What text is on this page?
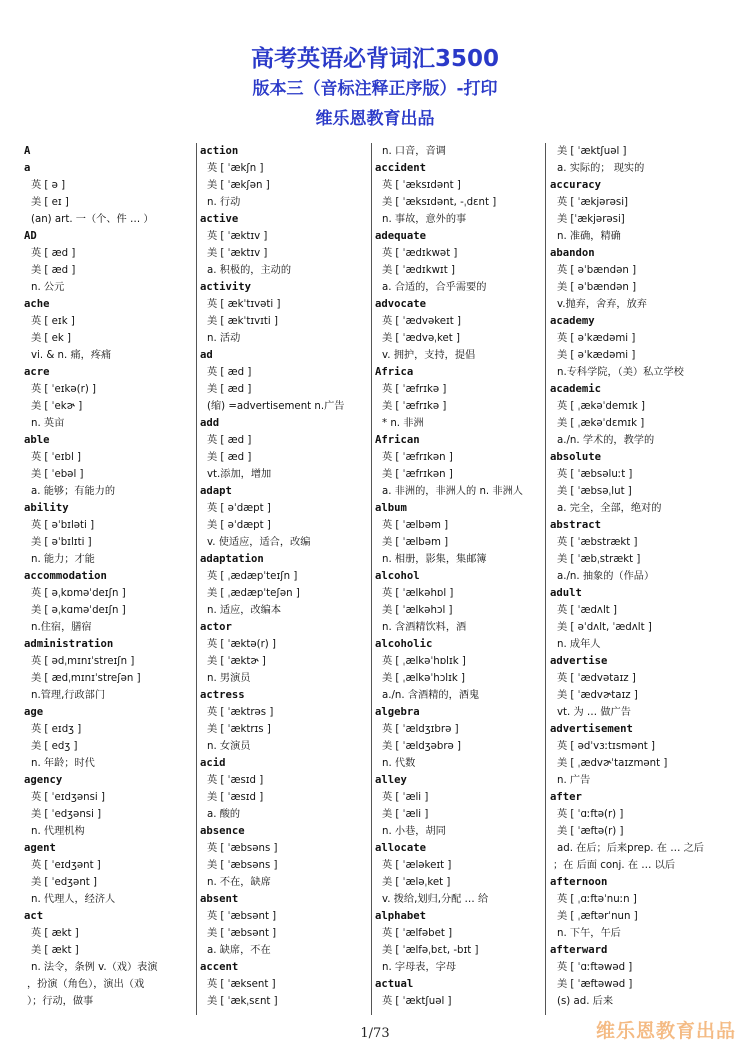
高考英语必背词汇3500
版本三（音标注释正序版）-打印
维乐恩教育出品
A
a
英 [ ə ]
美 [ eɪ ]
(an) art. 一（个、件 … ）
AD
英 [ æd ]
美 [ æd ]
n. 公元
ache
英 [ eɪk ]
美 [ ek ]
vi. & n. 痛，疼痛
acre
英 [ ˈeɪkə(r) ]
美 [ ˈekɚ ]
n. 英亩
able
英 [ ˈeɪbl ]
美 [ ˈebəl ]
a. 能够；有能力的
ability
英 [ əˈbɪləti ]
美 [ əˈbɪlɪti ]
n. 能力；才能
accommodation
英 [ əˌkɒməˈdeɪʃn ]
美 [ əˌkɑməˈdeɪʃn ]
n.住宿，膳宿
administration
英 [ ədˌmɪnɪˈstreɪʃn ]
美 [ ædˌmɪnɪˈstreʃən ]
n.管理,行政部门
age
英 [ eɪdʒ ]
美 [ edʒ ]
n. 年龄；时代
agency
英 [ ˈeɪdʒənsi ]
美 [ ˈedʒənsi ]
n. 代理机构
agent
英 [ ˈeɪdʒənt ]
美 [ ˈedʒənt ]
n. 代理人，经济人
act
英 [ ækt ]
美 [ ækt ]
n. 法令，条例 v.（戏）表演
，扮演（角色），演出（戏
）；行动，做事
action
英 [ ˈækʃn ]
美 [ ˈækʃən ]
n. 行动
active
英 [ ˈæktɪv ]
美 [ ˈæktɪv ]
a. 积极的，主动的
activity
英 [ ækˈtɪvəti ]
美 [ ækˈtɪvɪti ]
n. 活动
ad
英 [ æd ]
美 [ æd ]
(缩) =advertisement n.广告
add
英 [ æd ]
美 [ æd ]
vt.添加，增加
adapt
英 [ əˈdæpt ]
美 [ əˈdæpt ]
v. 使适应，适合，改编
adaptation
英 [ ˌædæpˈteɪʃn ]
美 [ ˌædæpˈteʃən ]
n. 适应，改编本
actor
英 [ ˈæktə(r) ]
美 [ ˈæktɚ ]
n. 男演员
actress
英 [ ˈæktrəs ]
美 [ ˈæktrɪs ]
n. 女演员
acid
英 [ ˈæsɪd ]
美 [ ˈæsɪd ]
a. 酸的
absence
英 [ ˈæbsəns ]
美 [ ˈæbsəns ]
n. 不在，缺席
absent
英 [ ˈæbsənt ]
美 [ ˈæbsənt ]
a. 缺席，不在
accent
英 [ ˈæksent ]
美 [ ˈækˌsɛnt ]
n. 口音，音调
accident
英 [ ˈæksɪdənt ]
美 [ ˈæksɪdənt, -ˌdɛnt ]
n. 事故，意外的事
adequate
英 [ ˈædɪkwət ]
美 [ ˈædɪkwɪt ]
a. 合适的，合乎需要的
advocate
英 [ ˈædvəkeɪt ]
美 [ ˈædvəˌket ]
v. 拥护，支持，提倡
Africa
英 [ ˈæfrɪkə ]
美 [ ˈæfrɪkə ]
* n. 非洲
African
英 [ ˈæfrɪkən ]
美 [ ˈæfrɪkən ]
a. 非洲的，非洲人的 n. 非洲人
album
英 [ ˈælbəm ]
美 [ ˈælbəm ]
n. 相册，影集，集邮簿
alcohol
英 [ ˈælkəhɒl ]
美 [ ˈælkəhɔl ]
n. 含酒精饮料，酒
alcoholic
英 [ ˌælkəˈhɒlɪk ]
美 [ ˌælkəˈhɔlɪk ]
a./n. 含酒精的，酒鬼
algebra
英 [ ˈældʒɪbrə ]
美 [ ˈældʒəbrə ]
n. 代数
alley
英 [ ˈæli ]
美 [ ˈæli ]
n. 小巷，胡同
allocate
英 [ ˈæləkeɪt ]
美 [ ˈæləˌket ]
v. 拨给,划归,分配 … 给
alphabet
英 [ ˈælfəbet ]
美 [ ˈælfəˌbɛt, -bɪt ]
n. 字母表，字母
actual
英 [ ˈæktʃuəl ]
美 [ ˈæktʃuəl ]
a. 实际的； 现实的
accuracy
英 [ ˈækjərəsi]
美 [ˈækjərəsi]
n. 准确，精确
abandon
英 [ əˈbændən ]
美 [ əˈbændən ]
v.抛弃，舍弃，放弃
academy
英 [ əˈkædəmi ]
美 [ əˈkædəmi ]
n.专科学院，（美）私立学校
academic
英 [ ˌækəˈdemɪk ]
美 [ ˌækəˈdɛmɪk ]
a./n. 学术的，教学的
absolute
英 [ ˈæbsəluːt ]
美 [ ˈæbsəˌlut ]
a. 完全，全部，绝对的
abstract
英 [ ˈæbstrækt ]
美 [ ˈæbˌstrækt ]
a./n. 抽象的（作品）
adult
英 [ ˈædʌlt ]
美 [ əˈdʌlt, ˈædʌlt ]
n. 成年人
advertise
英 [ ˈædvətaɪz ]
美 [ ˈædvɚtaɪz ]
vt. 为 … 做广告
advertisement
英 [ ədˈvɜːtɪsmənt ]
美 [ ˌædvɚˈtaɪzmənt ]
n. 广告
after
英 [ ˈɑːftə(r) ]
美 [ ˈæftə(r) ]
ad. 在后；后来prep. 在 … 之后
；在 后面 conj. 在 … 以后
afternoon
英 [ ˌɑːftəˈnuːn ]
美 [ ˌæftərˈnun ]
n. 下午，午后
afterward
英 [ ˈɑːftəwəd ]
美 [ ˈæftəwəd ]
(s) ad. 后来
1/73	维乐恩教育出品
